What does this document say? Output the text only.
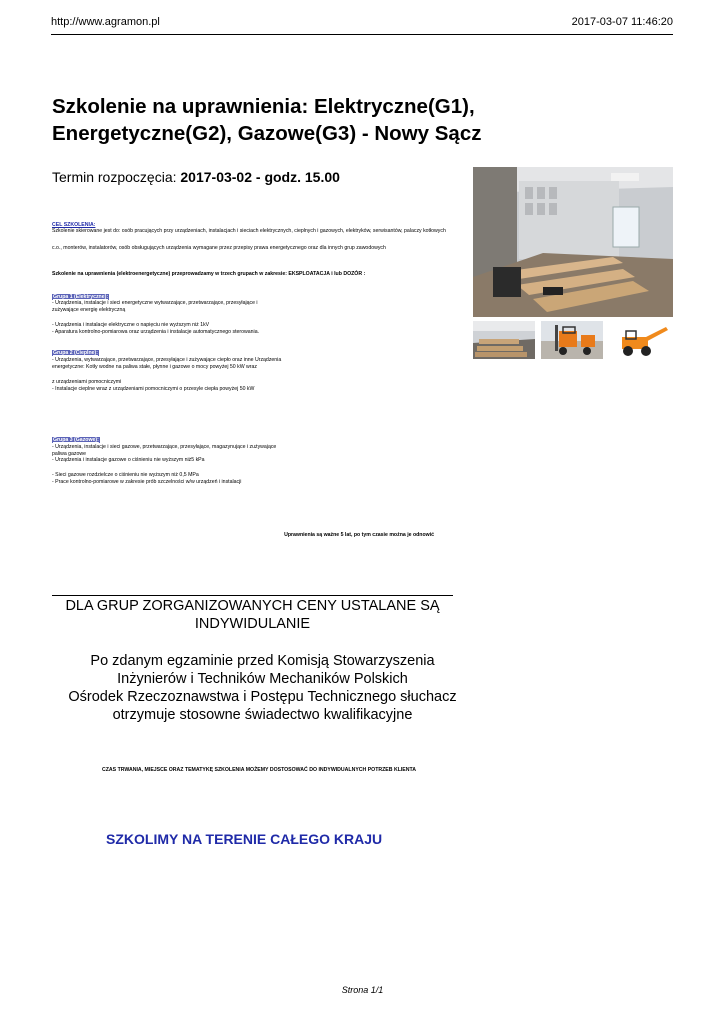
http://www.agramon.pl	2017-03-07 11:46:20
Szkolenie na uprawnienia: Elektryczne(G1), Energetyczne(G2), Gazowe(G3) - Nowy Sącz
Termin rozpoczęcia: 2017-03-02 - godz. 15.00
CEL SZKOLENIA:
Szkolenie skierowane jest do: osób pracujących przy urządzeniach, instalacjach i sieciach elektrycznych, cieplnych i gazowych, elektryków, serwisantów, palaczy kotłowych
c.o., monterów, instalatorów, osób obsługujących urządzenia wymagane przez przepisy prawa energetycznego oraz dla innych grup zawodowych
Szkolenie na uprawnienia (elektroenergetyczne) przeprowadzamy w trzech grupach w zakresie: EKSPLOATACJA i lub DOZÓR :
Grupa 1 (Elektryczne):
- Urządzenia, instalacje i sieci energetyczne wytwarzające, przetwarzające, przesyłające i
zużywające energię elektryczną
- Urządzenia i instalacje elektryczne o napięciu nie wyższym niż 1kV
- Aparatura kontrolno-pomiarowa oraz urządzenia i instalacje automatycznego sterowania.
Grupa 2 (Cieplne):
- Urządzenia, wytwarzające, przetwarzające, przesyłające i zużywające ciepło oraz inne Urządzenia
energetyczne: Kotły wodne na paliwa stałe, płynne i gazowe o mocy powyżej 50 kW wraz
z urządzeniami pomocniczymi
- Instalacje cieplne wraz z urządzeniami pomocniczymi o przesyle ciepła powyżej 50 kW
Grupa 3 (Gazowe):
- Urządzenia, instalacje i sieci gazowe, przetwarzające, przesyłające, magazynujące i zużywające
paliwa gazowe
- Urządzenia i instalacje gazowe o ciśnieniu nie wyższym niż5 kPa
- Sieci gazowe rozdzielcze o ciśnieniu nie wyższym niż 0,5 MPa
- Prace kontrolno-pomiarowe w zakresie prób szczelności w/w urządzeń i instalacji
Uprawnienia są ważne 5 lat, po tym czasie można je odnowić
DLA GRUP ZORGANIZOWANYCH CENY USTALANE SĄ
INDYWIDULANIE
Po zdanym egzaminie przed Komisją Stowarzyszenia
Inżynierów i Techników Mechaników Polskich
Ośrodek Rzeczoznawstwa i Postępu Technicznego słuchacz
otrzymuje stosowne świadectwo kwalifikacyjne
CZAS TRWANIA, MIEJSCE ORAZ TEMATYKĘ SZKOLENIA MOŻEMY DOSTOSOWAĆ DO INDYWIDUALNYCH POTRZEB KLIENTA
SZKOLIMY NA TERENIE CAŁEGO KRAJU
Strona 1/1
